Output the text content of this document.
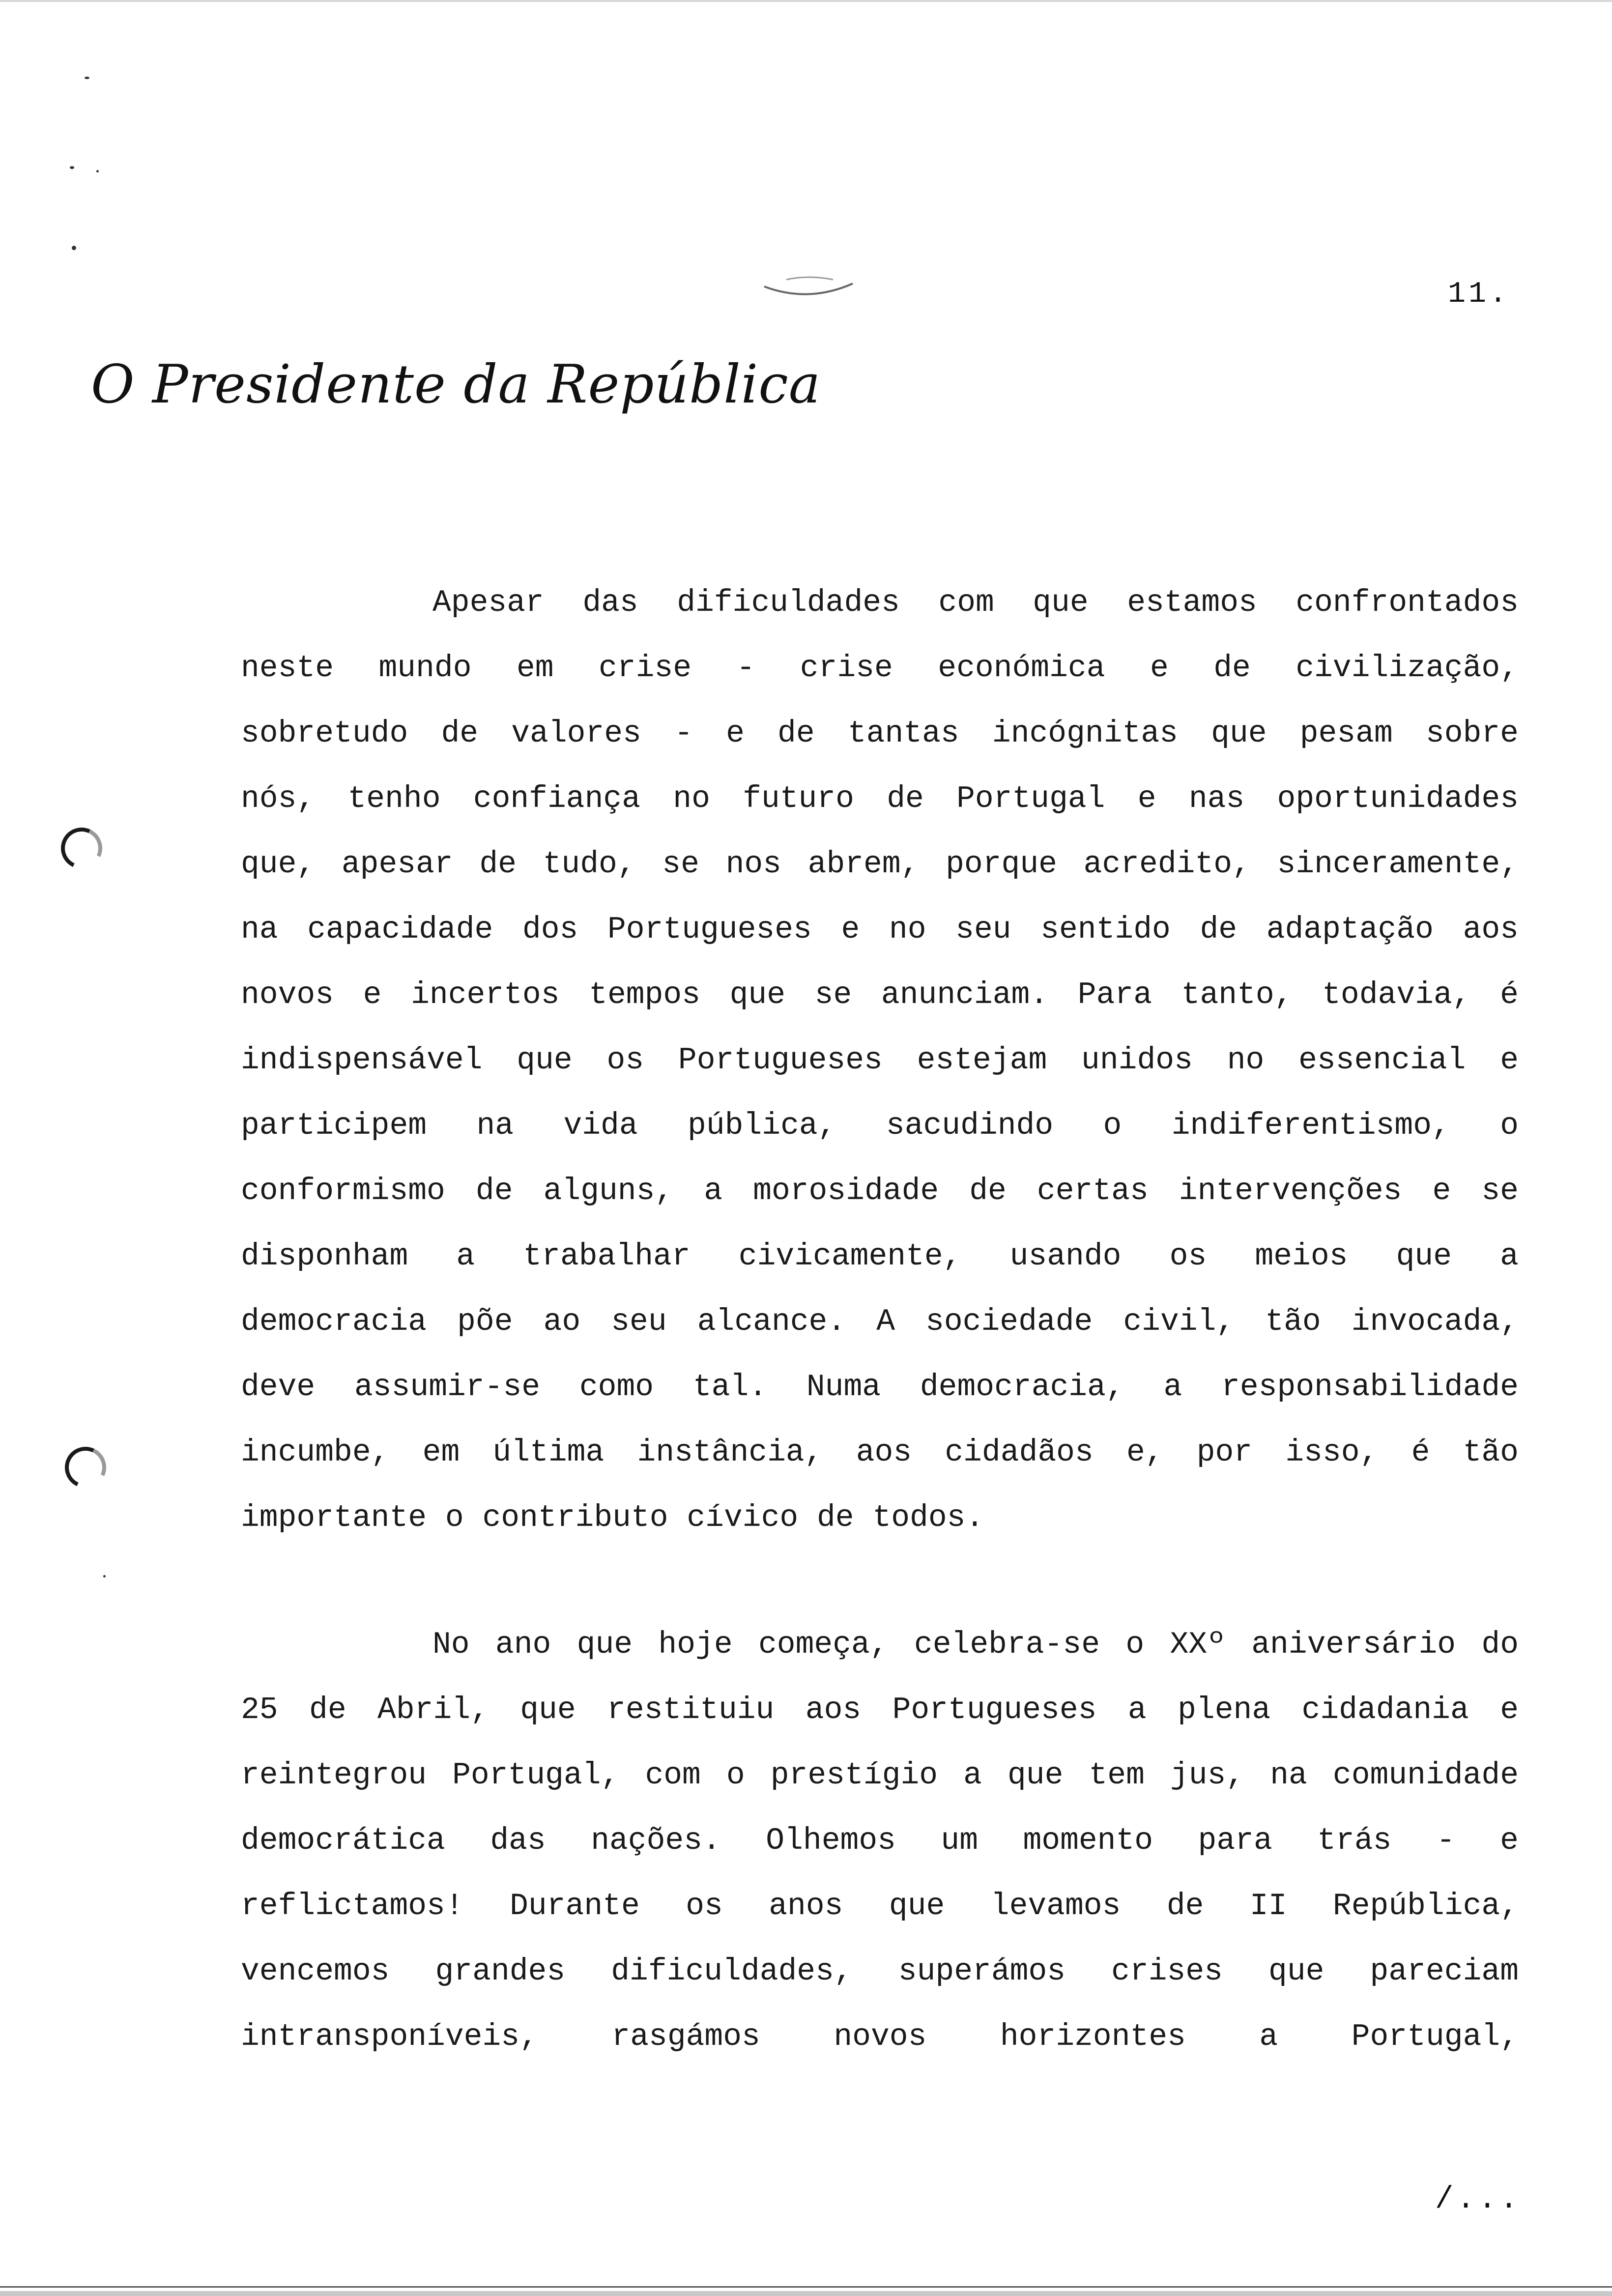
11.
O Presidente da República
Apesar das dificuldades com que estamos confrontados
neste mundo em crise - crise económica e de civilização,
sobretudo de valores - e de tantas incógnitas que pesam sobre
nós, tenho confiança no futuro de Portugal e nas oportunidades
que, apesar de tudo, se nos abrem, porque acredito, sinceramente,
na capacidade dos Portugueses e no seu sentido de adaptação aos
novos e incertos tempos que se anunciam. Para tanto, todavia, é
indispensável que os Portugueses estejam unidos no essencial e
participem na vida pública, sacudindo o indiferentismo, o
conformismo de alguns, a morosidade de certas intervenções e se
disponham a trabalhar civicamente, usando os meios que a
democracia põe ao seu alcance. A sociedade civil, tão invocada,
deve assumir-se como tal. Numa democracia, a responsabilidade
incumbe, em última instância, aos cidadãos e, por isso, é tão
importante o contributo cívico de todos.
No ano que hoje começa, celebra-se o XXº aniversário do
25 de Abril, que restituiu aos Portugueses a plena cidadania e
reintegrou Portugal, com o prestígio a que tem jus, na comunidade
democrática das nações. Olhemos um momento para trás - e
reflictamos! Durante os anos que levamos de II República,
vencemos grandes dificuldades, superámos crises que pareciam
intransponíveis, rasgámos novos horizontes a Portugal,
/...
